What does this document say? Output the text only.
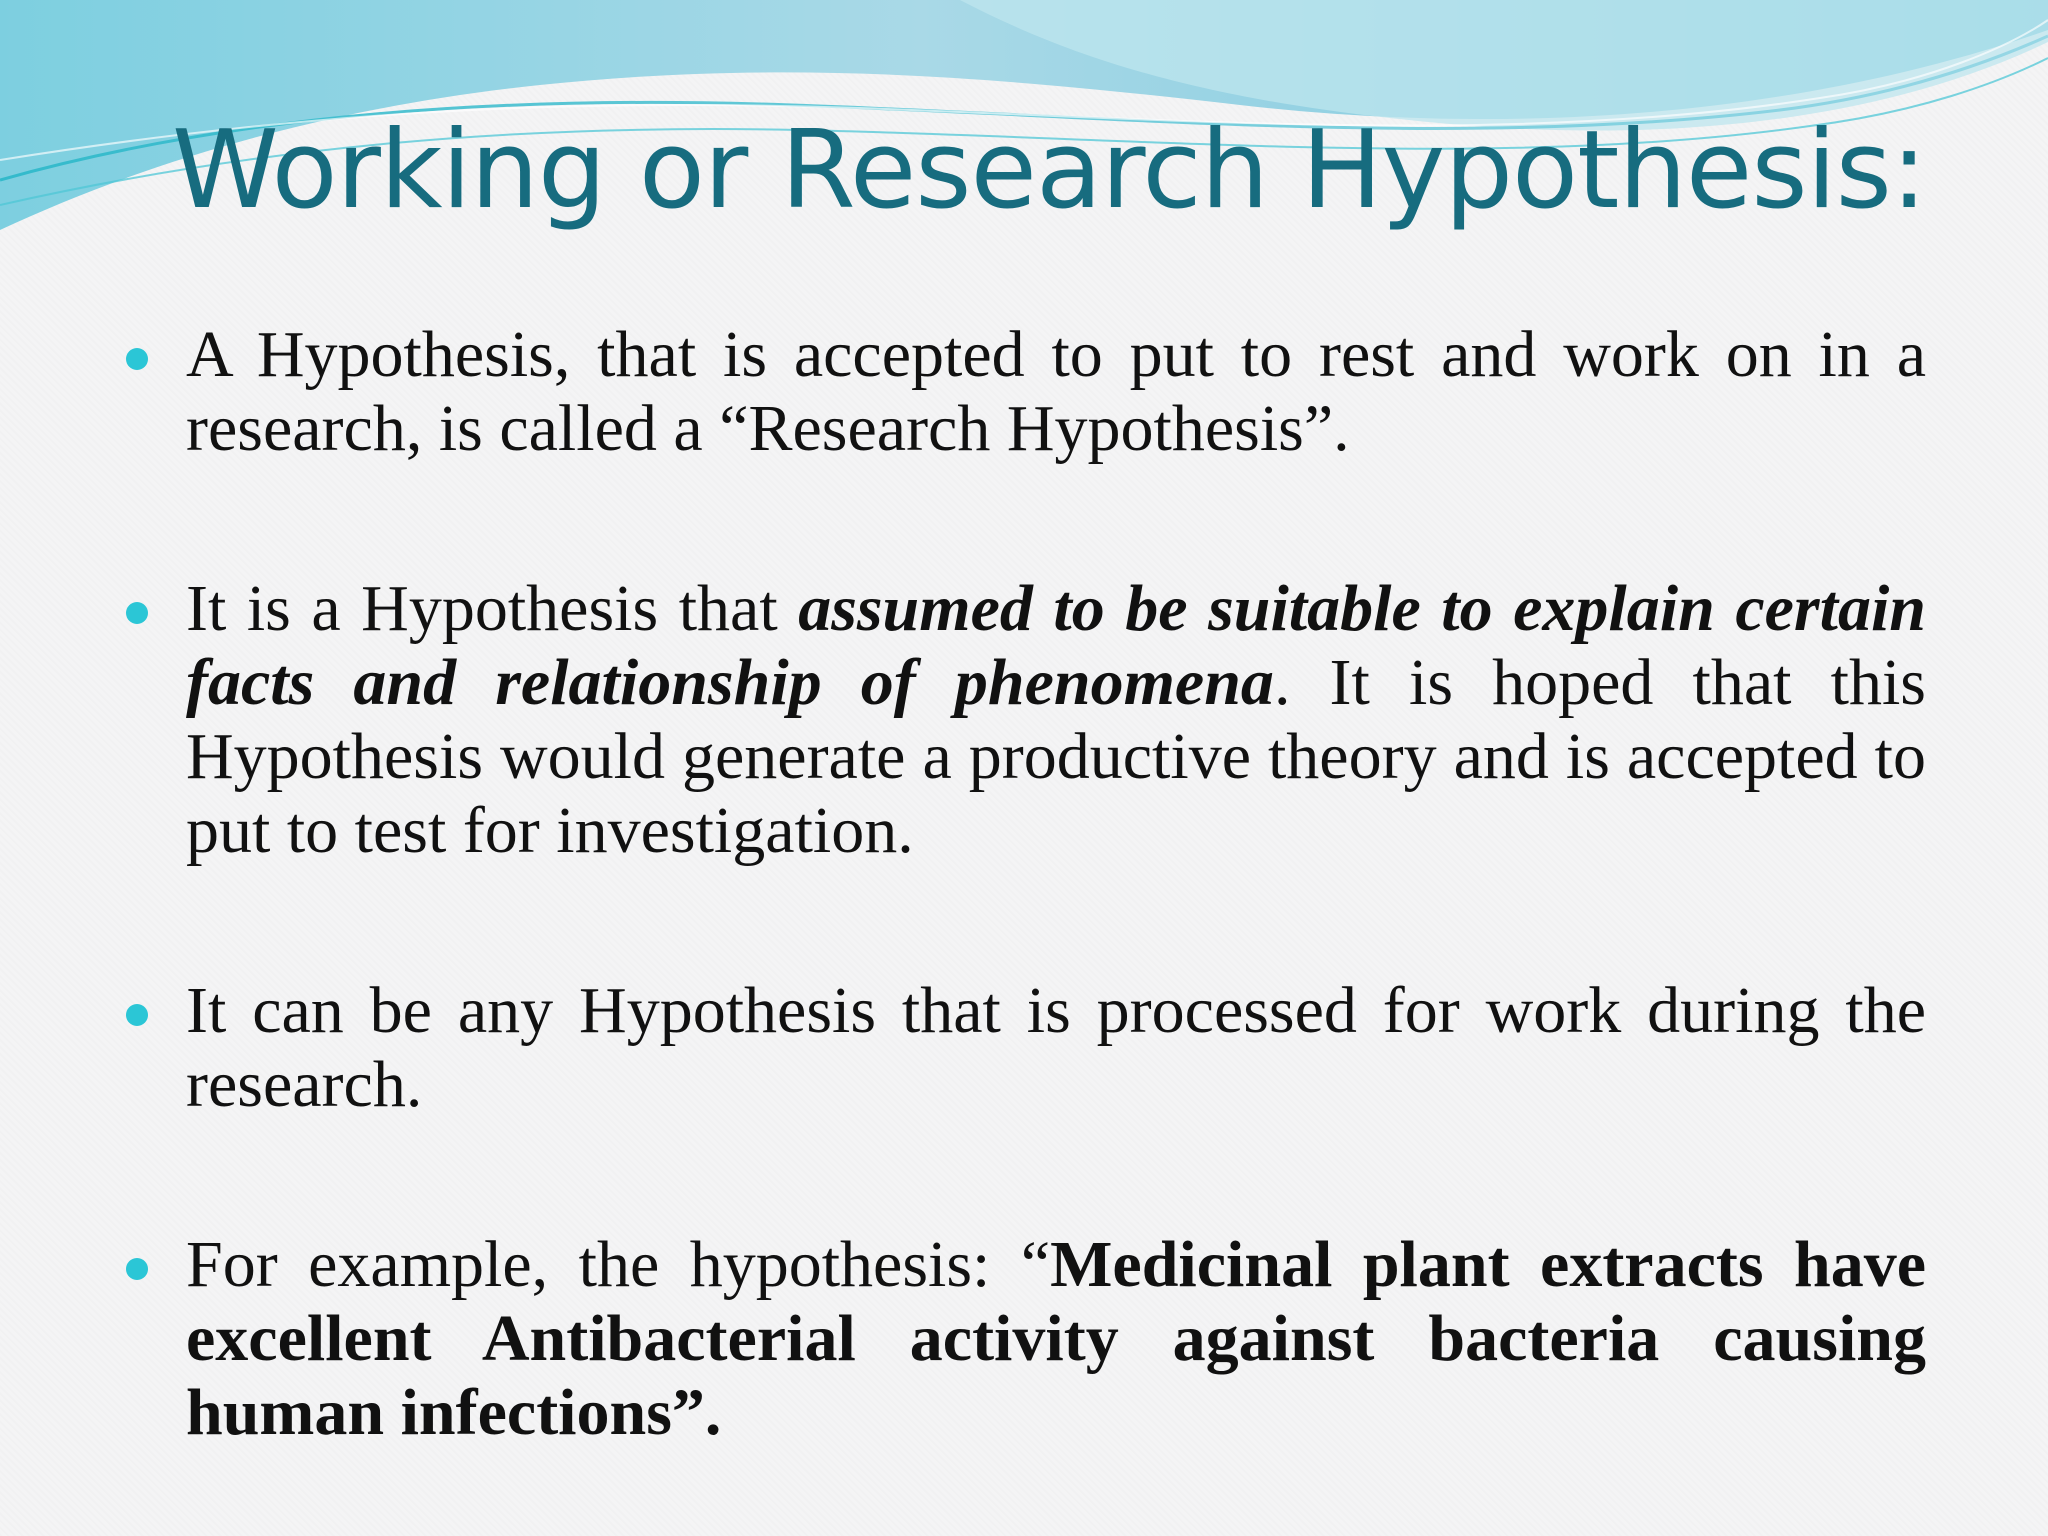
Working or Research Hypothesis:
A Hypothesis, that is accepted to put to rest and work on in a research, is called a “Research Hypothesis”.
It is a Hypothesis that assumed to be suitable to explain certain facts and relationship of phenomena. It is hoped that this Hypothesis would generate a productive theory and is accepted to put to test for investigation.
It can be any Hypothesis that is processed for work during the research.
For example, the hypothesis: “Medicinal plant extracts have excellent Antibacterial activity against bacteria causing human infections”.
